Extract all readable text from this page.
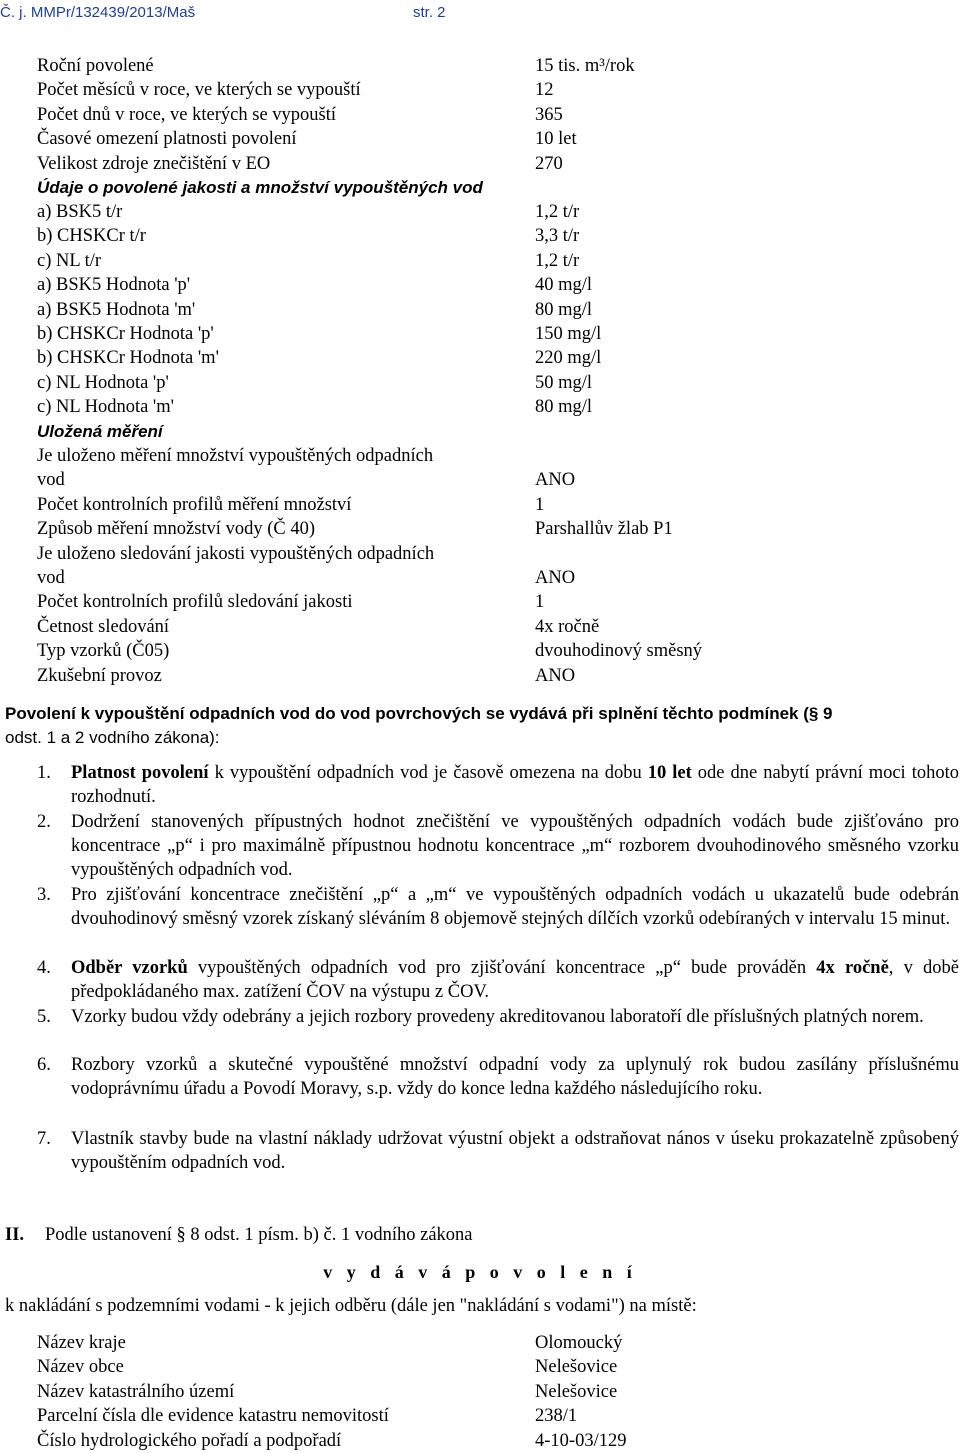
Č. j. MMPr/132439/2013/Maš	str. 2
Roční povolené	15 tis. m³/rok
Počet měsíců v roce, ve kterých se vypouští	12
Počet dnů v roce, ve kterých se vypouští	365
Časové omezení platnosti povolení	10 let
Velikost zdroje znečištění v EO	270
Údaje o povolené jakosti a množství vypouštěných vod
a) BSK5 t/r	1,2 t/r
b) CHSKCr t/r	3,3 t/r
c) NL t/r	1,2 t/r
a) BSK5 Hodnota 'p'	40 mg/l
a) BSK5 Hodnota 'm'	80 mg/l
b) CHSKCr Hodnota 'p'	150 mg/l
b) CHSKCr Hodnota 'm'	220 mg/l
c) NL Hodnota 'p'	50 mg/l
c) NL Hodnota 'm'	80 mg/l
Uložená měření
Je uloženo měření množství vypouštěných odpadních
vod	ANO
Počet kontrolních profilů měření množství	1
Způsob měření množství vody (Č 40)	Parshallův žlab P1
Je uloženo sledování jakosti vypouštěných odpadních
vod	ANO
Počet kontrolních profilů sledování jakosti	1
Četnost sledování	4x ročně
Typ vzorků (Č05)	dvouhodinový směsný
Zkušební provoz	ANO
Povolení k vypouštění odpadních vod do vod povrchových se vydává při splnění těchto podmínek (§ 9
odst. 1 a 2 vodního zákona):
1. Platnost povolení k vypouštění odpadních vod je časově omezena na dobu 10 let ode dne nabytí právní moci tohoto rozhodnutí.
2. Dodržení stanovených přípustných hodnot znečištění ve vypouštěných odpadních vodách bude zjišťováno pro koncentrace „p“ i pro maximálně přípustnou hodnotu koncentrace „m“ rozborem dvouhodinového směsného vzorku vypouštěných odpadních vod.
3. Pro zjišťování koncentrace znečištění „p“ a „m“ ve vypouštěných odpadních vodách u ukazatelů bude odebrán dvouhodinový směsný vzorek získaný sléváním 8 objemově stejných dílčích vzorků odebíraných v intervalu 15 minut.
4. Odběr vzorků vypouštěných odpadních vod pro zjišťování koncentrace „p“ bude prováděn 4x ročně, v době předpokládaného max. zatížení ČOV na výstupu z ČOV.
5. Vzorky budou vždy odebrány a jejich rozbory provedeny akreditovanou laboratoří dle příslušných platných norem.
6. Rozbory vzorků a skutečné vypouštěné množství odpadní vody za uplynulý rok budou zasílány příslušnému vodoprávnímu úřadu a Povodí Moravy, s.p. vždy do konce ledna každého následujícího roku.
7. Vlastník stavby bude na vlastní náklady udržovat výustní objekt a odstraňovat nános v úseku prokazatelně způsobený vypouštěním odpadních vod.
II. Podle ustanovení § 8 odst. 1 písm. b) č. 1 vodního zákona
v y d á v á p o v o l e n í
k nakládání s podzemními vodami - k jejich odběru (dále jen "nakládání s vodami") na místě:
Název kraje	Olomoucký
Název obce	Nelešovice
Název katastrálního území	Nelešovice
Parcelní čísla dle evidence katastru nemovitostí	238/1
Číslo hydrologického pořadí a podpořadí	4-10-03/129
